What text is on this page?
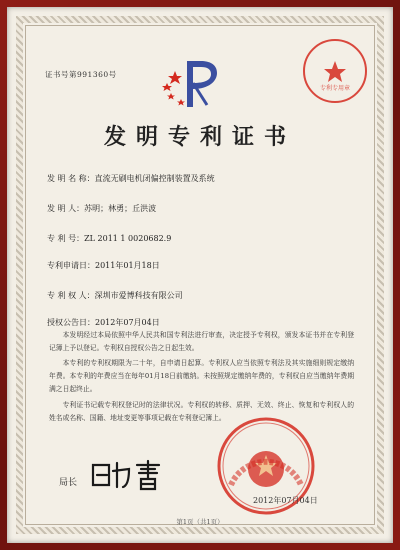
证书号第991360号
专利专用章
发明专利证书
发 明 名 称：直流无刷电机闭偏控制装置及系统
发 明 人：苏明；林勇；丘洪波
专 利 号：ZL 2011 1 0020682.9
专利申请日：2011年01月18日
专 利 权 人：深圳市爱博科技有限公司
授权公告日：2012年07月04日
本发明经过本局依照中华人民共和国专利法进行审查，决定授予专利权，颁发本证书并在专利登记簿上予以登记。专利权自授权公告之日起生效。
本专利的专利权期限为二十年，自申请日起算。专利权人应当依照专利法及其实施细则规定缴纳年费。本专利的年费应当在每年01月18日前缴纳。未按照规定缴纳年费的，专利权自应当缴纳年费期满之日起终止。
专利证书记载专利权登记时的法律状况。专利权的转移、质押、无效、终止、恢复和专利权人的姓名或名称、国籍、地址变更等事项记载在专利登记簿上。
局长
2012年07月04日
第1页（共1页）
